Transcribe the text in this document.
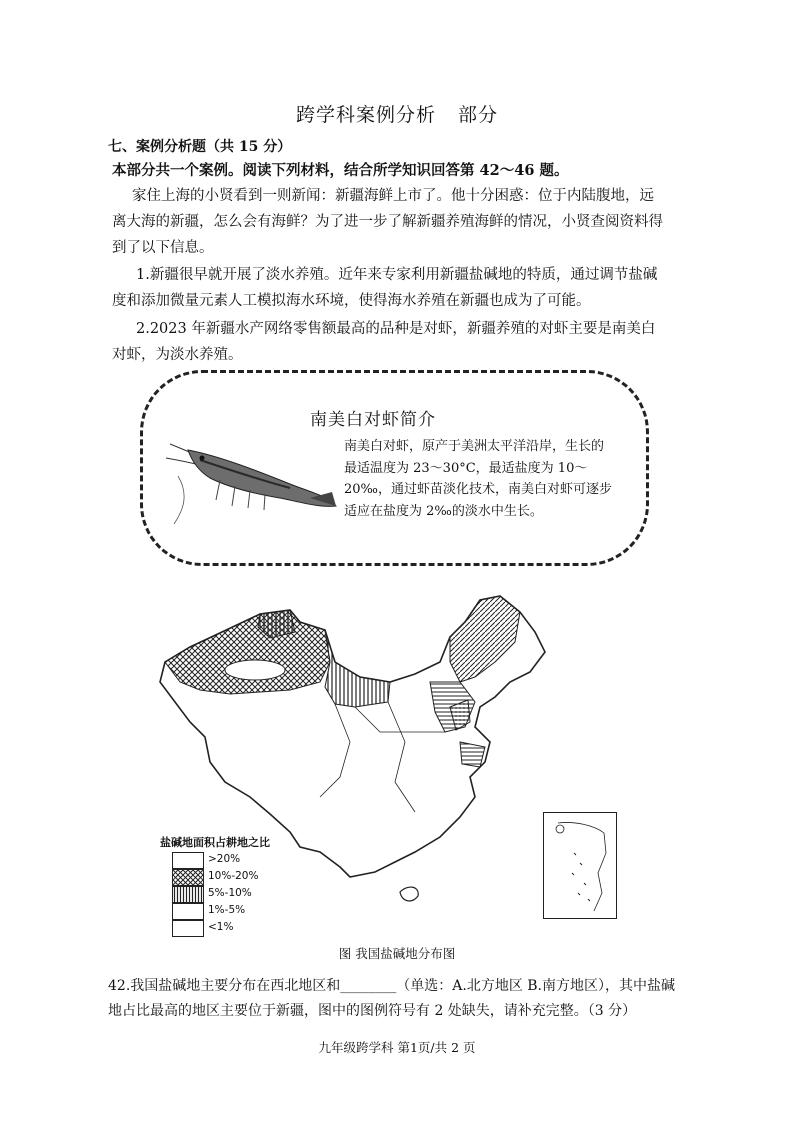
跨学科案例分析 部分
七、案例分析题（共 15 分）
本部分共一个案例。阅读下列材料，结合所学知识回答第 42～46 题。
家住上海的小贤看到一则新闻：新疆海鲜上市了。他十分困惑：位于内陆腹地，远离大海的新疆，怎么会有海鲜？为了进一步了解新疆养殖海鲜的情况，小贤查阅资料得到了以下信息。
1.新疆很早就开展了淡水养殖。近年来专家利用新疆盐碱地的特质，通过调节盐碱度和添加微量元素人工模拟海水环境，使得海水养殖在新疆也成为了可能。
2.2023 年新疆水产网络零售额最高的品种是对虾，新疆养殖的对虾主要是南美白对虾，为淡水养殖。
南美白对虾简介
南美白对虾，原产于美洲太平洋沿岸，生长的最适温度为 23～30°C，最适盐度为 10～20‰，通过虾苗淡化技术，南美白对虾可逐步适应在盐度为 2‰的淡水中生长。
盐碱地面积占耕地之比
>20%
10%-20%
5%-10%
1%-5%
<1%
图 我国盐碱地分布图
42.我国盐碱地主要分布在西北地区和________（单选：A.北方地区 B.南方地区），其中盐碱地占比最高的地区主要位于新疆，图中的图例符号有 2 处缺失，请补充完整。（3 分）
九年级跨学科 第1页/共 2 页
